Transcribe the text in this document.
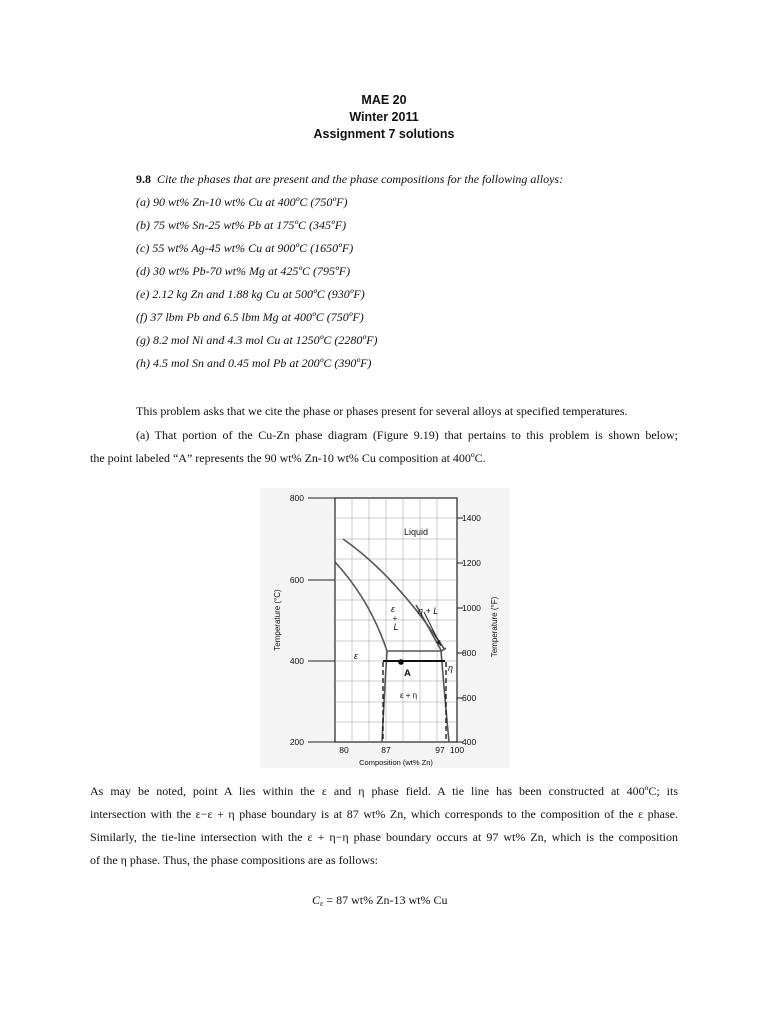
MAE 20
Winter 2011
Assignment 7 solutions
9.8 Cite the phases that are present and the phase compositions for the following alloys:
(a) 90 wt% Zn-10 wt% Cu at 400ºC (750ºF)
(b) 75 wt% Sn-25 wt% Pb at 175ºC (345ºF)
(c) 55 wt% Ag-45 wt% Cu at 900ºC (1650ºF)
(d) 30 wt% Pb-70 wt% Mg at 425ºC (795ºF)
(e) 2.12 kg Zn and 1.88 kg Cu at 500ºC (930ºF)
(f) 37 lbm Pb and 6.5 lbm Mg at 400ºC (750ºF)
(g) 8.2 mol Ni and 4.3 mol Cu at 1250ºC (2280ºF)
(h) 4.5 mol Sn and 0.45 mol Pb at 200ºC (390ºF)
This problem asks that we cite the phase or phases present for several alloys at specified temperatures.
(a) That portion of the Cu-Zn phase diagram (Figure 9.19) that pertains to this problem is shown below;
the point labeled “A” represents the 90 wt% Zn-10 wt% Cu composition at 400ºC.
800
600
400
200
1400
1200
1000
800
600
400
80	87	97 100
Temperature (°C)	Temperature (°F)
Composition (wt% Zn)
Liquid
ε
+
L
η + L
ε
η
A
ε + η
As may be noted, point A lies within the ε and η phase field. A tie line has been constructed at 400ºC; its
intersection with the ε−ε + η phase boundary is at 87 wt% Zn, which corresponds to the composition of the ε phase.
Similarly, the tie-line intersection with the ε + η−η phase boundary occurs at 97 wt% Zn, which is the composition
of the η phase. Thus, the phase compositions are as follows:
$C_\varepsilon = 87$ wt% Zn-13 wt% Cu
